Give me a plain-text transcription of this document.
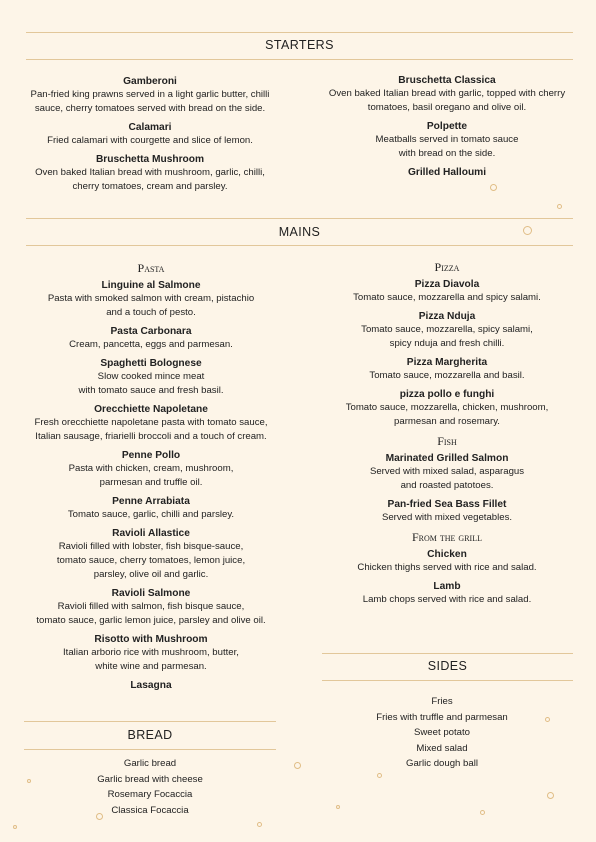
STARTERS
Gamberoni
Pan-fried king prawns served in a light garlic butter, chilli
sauce, cherry tomatoes served with bread on the side.
Calamari
Fried calamari with courgette and slice of lemon.
Bruschetta Mushroom
Oven baked Italian bread with mushroom, garlic, chilli,
cherry tomatoes, cream and parsley.
Bruschetta Classica
Oven baked Italian bread with garlic, topped with cherry
tomatoes, basil oregano and olive oil.
Polpette
Meatballs served in tomato sauce
with bread on the side.
Grilled Halloumi
MAINS
Pasta
Linguine al Salmone
Pasta with smoked salmon with cream, pistachio
and a touch of pesto.
Pasta Carbonara
Cream, pancetta, eggs and parmesan.
Spaghetti Bolognese
Slow cooked mince meat
with tomato sauce and fresh basil.
Orecchiette Napoletane
Fresh orecchiette napoletane pasta with tomato sauce,
Italian sausage, friarielli broccoli and a touch of cream.
Penne Pollo
Pasta with chicken, cream, mushroom,
parmesan and truffle oil.
Penne Arrabiata
Tomato sauce, garlic, chilli and parsley.
Ravioli Allastice
Ravioli filled with lobster, fish bisque-sauce,
tomato sauce, cherry tomatoes, lemon juice,
parsley, olive oil and garlic.
Ravioli Salmone
Ravioli filled with salmon, fish bisque sauce,
tomato sauce, garlic lemon juice, parsley and olive oil.
Risotto with Mushroom
Italian arborio rice with mushroom, butter,
white wine and parmesan.
Lasagna
Pizza
Pizza Diavola
Tomato sauce, mozzarella and spicy salami.
Pizza Nduja
Tomato sauce, mozzarella, spicy salami,
spicy nduja and fresh chilli.
Pizza Margherita
Tomato sauce, mozzarella and basil.
pizza pollo e funghi
Tomato sauce, mozzarella, chicken, mushroom,
parmesan and rosemary.
Fish
Marinated Grilled Salmon
Served with mixed salad, asparagus
and roasted patotoes.
Pan-fried Sea Bass Fillet
Served with mixed vegetables.
From the grill
Chicken
Chicken thighs served with rice and salad.
Lamb
Lamb chops served with rice and salad.
SIDES
Fries
Fries with truffle and parmesan
Sweet potato
Mixed salad
Garlic dough ball
BREAD
Garlic bread
Garlic bread with cheese
Rosemary Focaccia
Classica Focaccia
